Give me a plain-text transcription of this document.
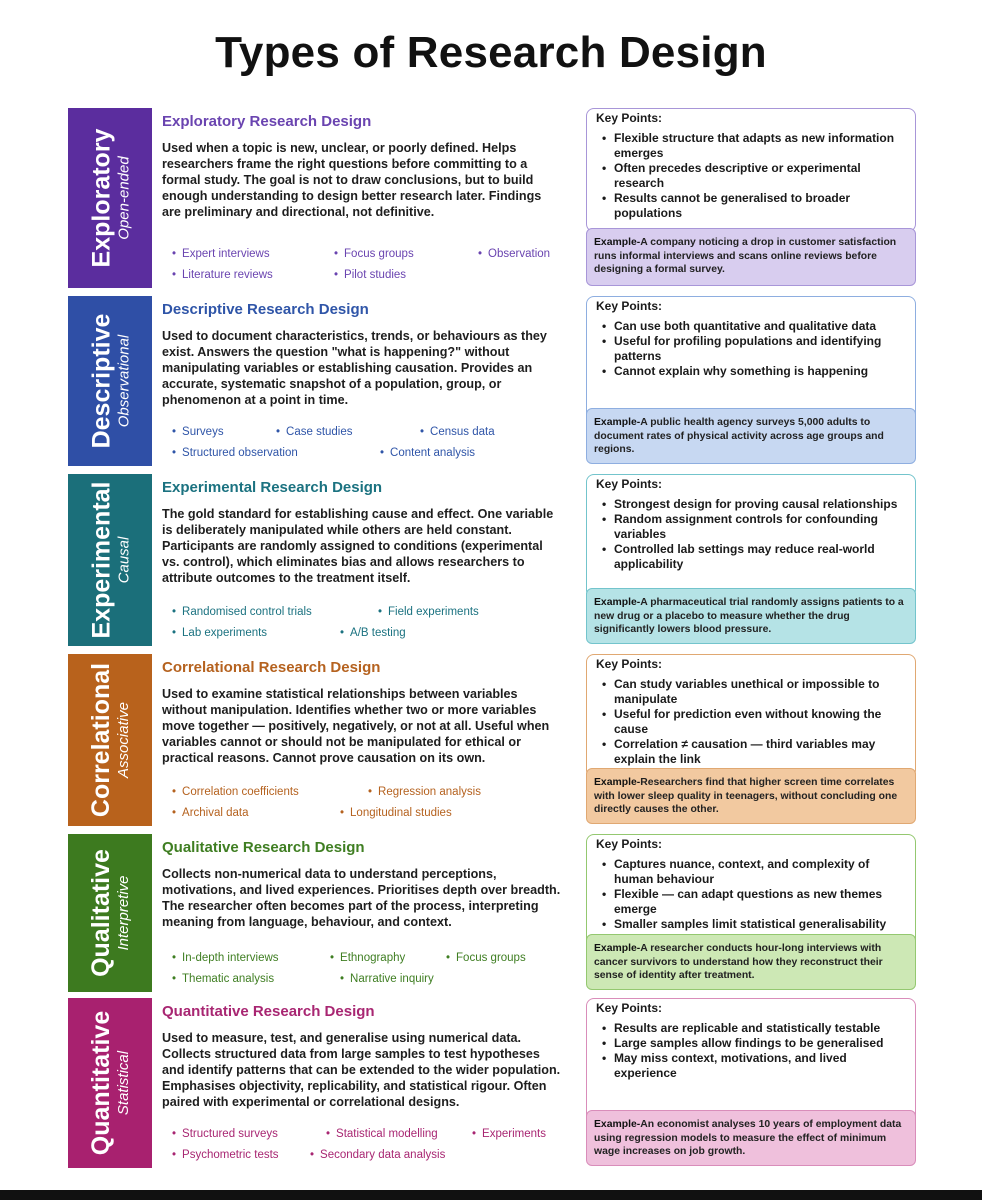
Types of Research Design
Exploratory Open-ended
Exploratory Research Design
Used when a topic is new, unclear, or poorly defined. Helps researchers frame the right questions before committing to a formal study. The goal is not to draw conclusions, but to build enough understanding to design better research later. Findings are preliminary and directional, not definitive.
• Expert interviews	• Focus groups	• Observation
• Literature reviews	• Pilot studies
Key Points:
• Flexible structure that adapts as new information emerges
• Often precedes descriptive or experimental research
• Results cannot be generalised to broader populations
Example-A company noticing a drop in customer satisfaction runs informal interviews and scans online reviews before designing a formal survey.
Descriptive Observational
Descriptive Research Design
Used to document characteristics, trends, or behaviours as they exist. Answers the question "what is happening?" without manipulating variables or establishing causation. Provides an accurate, systematic snapshot of a population, group, or phenomenon at a point in time.
• Surveys	• Case studies	• Census data
• Structured observation	• Content analysis
Key Points:
• Can use both quantitative and qualitative data
• Useful for profiling populations and identifying patterns
• Cannot explain why something is happening
Example-A public health agency surveys 5,000 adults to document rates of physical activity across age groups and regions.
Experimental Causal
Experimental Research Design
The gold standard for establishing cause and effect. One variable is deliberately manipulated while others are held constant. Participants are randomly assigned to conditions (experimental vs. control), which eliminates bias and allows researchers to attribute outcomes to the treatment itself.
• Randomised control trials	• Field experiments
• Lab experiments	• A/B testing
Key Points:
• Strongest design for proving causal relationships
• Random assignment controls for confounding variables
• Controlled lab settings may reduce real-world applicability
Example-A pharmaceutical trial randomly assigns patients to a new drug or a placebo to measure whether the drug significantly lowers blood pressure.
Correlational Associative
Correlational Research Design
Used to examine statistical relationships between variables without manipulation. Identifies whether two or more variables move together — positively, negatively, or not at all. Useful when variables cannot or should not be manipulated for ethical or practical reasons. Cannot prove causation on its own.
• Correlation coefficients	• Regression analysis
• Archival data	• Longitudinal studies
Key Points:
• Can study variables unethical or impossible to manipulate
• Useful for prediction even without knowing the cause
• Correlation ≠ causation — third variables may explain the link
Example-Researchers find that higher screen time correlates with lower sleep quality in teenagers, without concluding one directly causes the other.
Qualitative Interpretive
Qualitative Research Design
Collects non-numerical data to understand perceptions, motivations, and lived experiences. Prioritises depth over breadth. The researcher often becomes part of the process, interpreting meaning from language, behaviour, and context.
• In-depth interviews	• Ethnography	• Focus groups
• Thematic analysis	• Narrative inquiry
Key Points:
• Captures nuance, context, and complexity of human behaviour
• Flexible — can adapt questions as new themes emerge
• Smaller samples limit statistical generalisability
Example-A researcher conducts hour-long interviews with cancer survivors to understand how they reconstruct their sense of identity after treatment.
Quantitative Statistical
Quantitative Research Design
Used to measure, test, and generalise using numerical data. Collects structured data from large samples to test hypotheses and identify patterns that can be extended to the wider population. Emphasises objectivity, replicability, and statistical rigour. Often paired with experimental or correlational designs.
• Structured surveys	• Statistical modelling	• Experiments
• Psychometric tests	• Secondary data analysis
Key Points:
• Results are replicable and statistically testable
• Large samples allow findings to be generalised
• May miss context, motivations, and lived experience
Example-An economist analyses 10 years of employment data using regression models to measure the effect of minimum wage increases on job growth.
